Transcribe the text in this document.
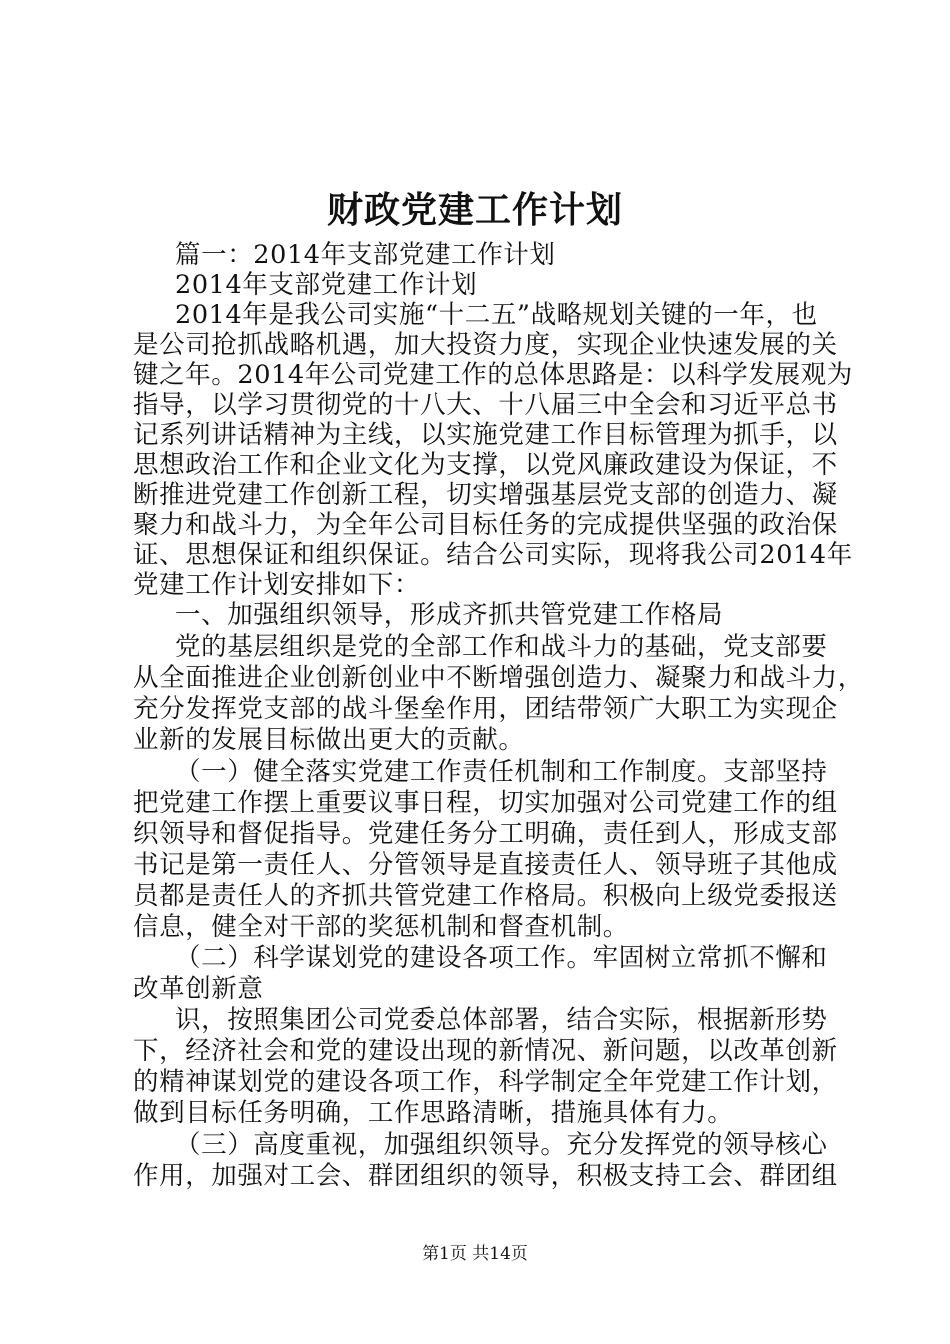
财政党建工作计划
篇一：2014年支部党建工作计划
2014年支部党建工作计划
2014年是我公司实施“十二五”战略规划关键的一年，也
是公司抢抓战略机遇，加大投资力度，实现企业快速发展的关
键之年。2014年公司党建工作的总体思路是：以科学发展观为
指导，以学习贯彻党的十八大、十八届三中全会和习近平总书
记系列讲话精神为主线，以实施党建工作目标管理为抓手，以
思想政治工作和企业文化为支撑，以党风廉政建设为保证，不
断推进党建工作创新工程，切实增强基层党支部的创造力、凝
聚力和战斗力，为全年公司目标任务的完成提供坚强的政治保
证、思想保证和组织保证。结合公司实际，现将我公司2014年
党建工作计划安排如下：
一、加强组织领导，形成齐抓共管党建工作格局
党的基层组织是党的全部工作和战斗力的基础，党支部要
从全面推进企业创新创业中不断增强创造力、凝聚力和战斗力，
充分发挥党支部的战斗堡垒作用，团结带领广大职工为实现企
业新的发展目标做出更大的贡献。
（一）健全落实党建工作责任机制和工作制度。支部坚持
把党建工作摆上重要议事日程，切实加强对公司党建工作的组
织领导和督促指导。党建任务分工明确，责任到人，形成支部
书记是第一责任人、分管领导是直接责任人、领导班子其他成
员都是责任人的齐抓共管党建工作格局。积极向上级党委报送
信息，健全对干部的奖惩机制和督查机制。
（二）科学谋划党的建设各项工作。牢固树立常抓不懈和
改革创新意
识，按照集团公司党委总体部署，结合实际，根据新形势
下，经济社会和党的建设出现的新情况、新问题，以改革创新
的精神谋划党的建设各项工作，科学制定全年党建工作计划，
做到目标任务明确，工作思路清晰，措施具体有力。
（三）高度重视，加强组织领导。充分发挥党的领导核心
作用，加强对工会、群团组织的领导，积极支持工会、群团组
第1页 共14页
